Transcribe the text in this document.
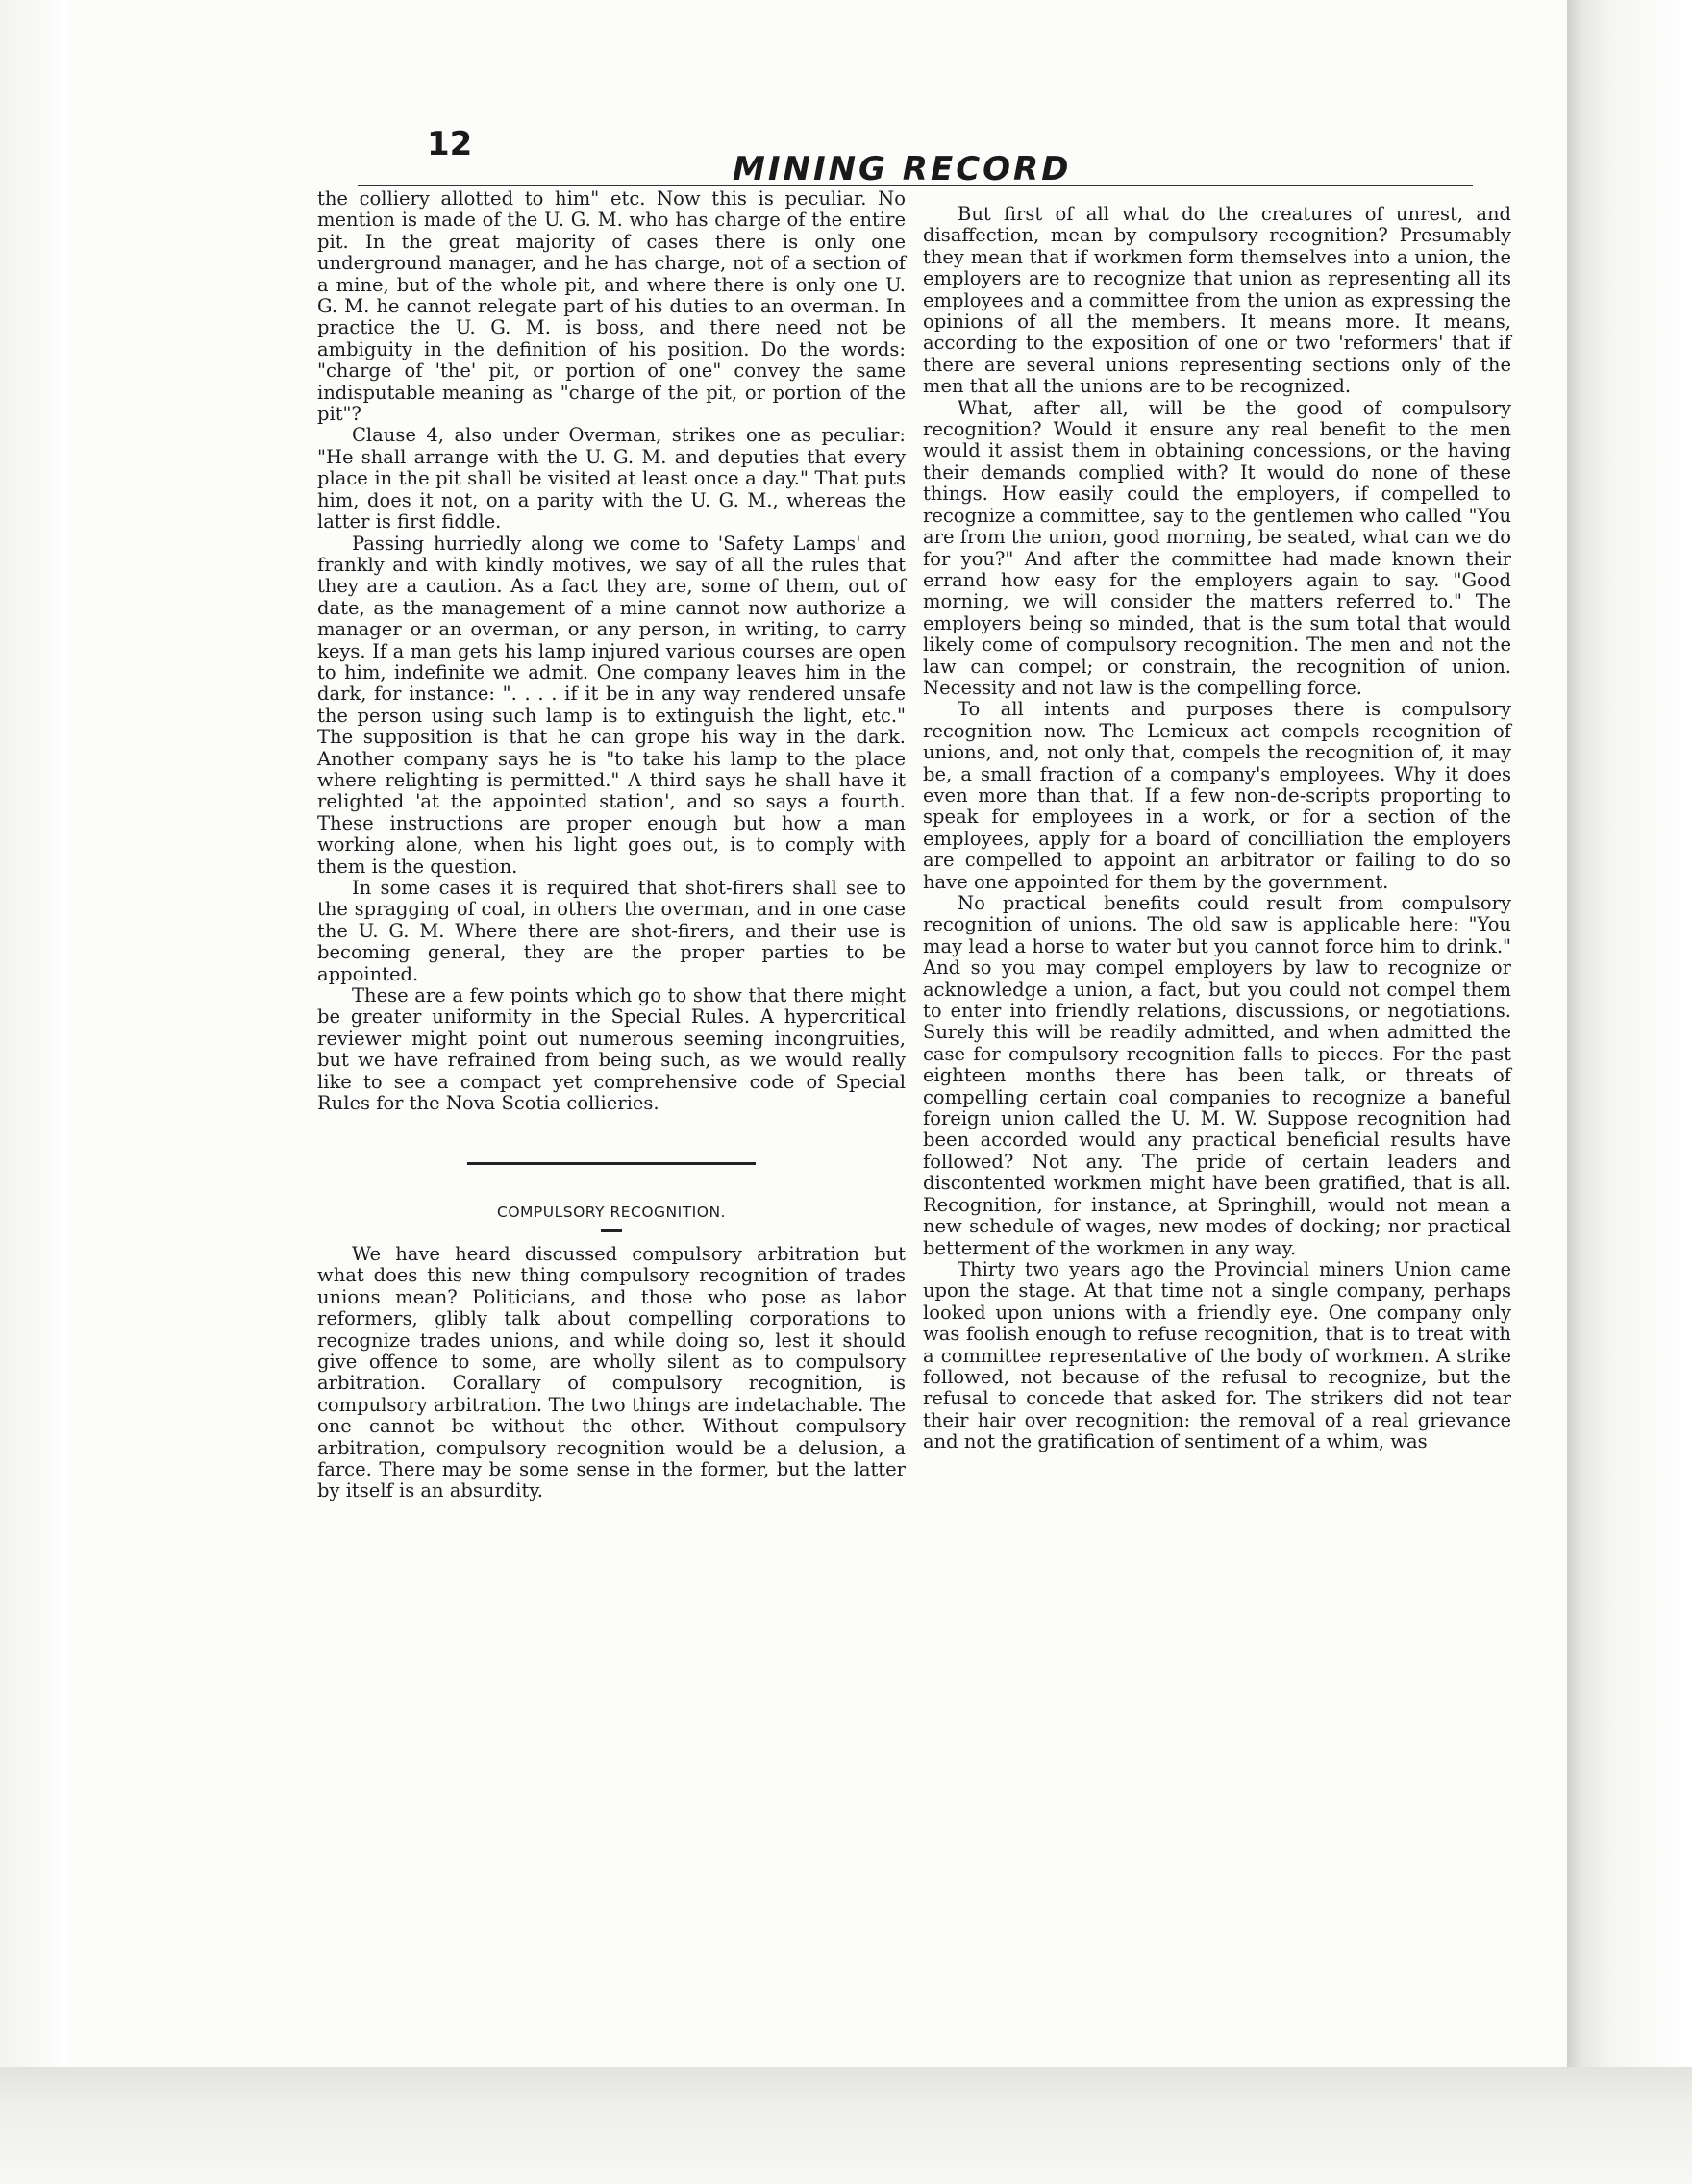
12
MINING RECORD

the colliery allotted to him" etc. Now this is peculiar. No mention is made of the U. G. M. who has charge of the entire pit. In the great majority of cases there is only one underground manager, and he has charge, not of a section of a mine, but of the whole pit, and where there is only one U. G. M. he cannot relegate part of his duties to an overman. In practice the U. G. M. is boss, and there need not be ambiguity in the definition of his position. Do the words: "charge of 'the' pit, or portion of one" convey the same indisputable meaning as "charge of the pit, or portion of the pit"?

Clause 4, also under Overman, strikes one as peculiar: "He shall arrange with the U. G. M. and deputies that every place in the pit shall be visited at least once a day." That puts him, does it not, on a parity with the U. G. M., whereas the latter is first fiddle.

Passing hurriedly along we come to 'Safety Lamps' and frankly and with kindly motives, we say of all the rules that they are a caution. As a fact they are, some of them, out of date, as the management of a mine cannot now authorize a manager or an overman, or any person, in writing, to carry keys. If a man gets his lamp injured various courses are open to him, indefinite we admit. One company leaves him in the dark, for instance: ". . . . if it be in any way rendered unsafe the person using such lamp is to extinguish the light, etc." The supposition is that he can grope his way in the dark. Another company says he is "to take his lamp to the place where relighting is permitted." A third says he shall have it relighted 'at the appointed station', and so says a fourth. These instructions are proper enough but how a man working alone, when his light goes out, is to comply with them is the question.

In some cases it is required that shot-firers shall see to the spragging of coal, in others the overman, and in one case the U. G. M. Where there are shot-firers, and their use is becoming general, they are the proper parties to be appointed.

These are a few points which go to show that there might be greater uniformity in the Special Rules. A hypercritical reviewer might point out numerous seeming incongruities, but we have refrained from being such, as we would really like to see a compact yet comprehensive code of Special Rules for the Nova Scotia collieries.

COMPULSORY RECOGNITION.

We have heard discussed compulsory arbitration but what does this new thing compulsory recognition of trades unions mean? Politicians, and those who pose as labor reformers, glibly talk about compelling corporations to recognize trades unions, and while doing so, lest it should give offence to some, are wholly silent as to compulsory arbitration. Corallary of compulsory recognition, is compulsory arbitration. The two things are indetachable. The one cannot be without the other. Without compulsory arbitration, compulsory recognition would be a delusion, a farce. There may be some sense in the former, but the latter by itself is an absurdity.

But first of all what do the creatures of unrest, and disaffection, mean by compulsory recognition? Presumably they mean that if workmen form themselves into a union, the employers are to recognize that union as representing all its employees and a committee from the union as expressing the opinions of all the members. It means more. It means, according to the exposition of one or two 'reformers' that if there are several unions representing sections only of the men that all the unions are to be recognized.

What, after all, will be the good of compulsory recognition? Would it ensure any real benefit to the men would it assist them in obtaining concessions, or the having their demands complied with? It would do none of these things. How easily could the employers, if compelled to recognize a committee, say to the gentlemen who called "You are from the union, good morning, be seated, what can we do for you?" And after the committee had made known their errand how easy for the employers again to say. "Good morning, we will consider the matters referred to." The employers being so minded, that is the sum total that would likely come of compulsory recognition. The men and not the law can compel; or constrain, the recognition of union. Necessity and not law is the compelling force.

To all intents and purposes there is compulsory recognition now. The Lemieux act compels recognition of unions, and, not only that, compels the recognition of, it may be, a small fraction of a company's employees. Why it does even more than that. If a few non-de-scripts proporting to speak for employees in a work, or for a section of the employees, apply for a board of concilliation the employers are compelled to appoint an arbitrator or failing to do so have one appointed for them by the government.

No practical benefits could result from compulsory recognition of unions. The old saw is applicable here: "You may lead a horse to water but you cannot force him to drink." And so you may compel employers by law to recognize or acknowledge a union, a fact, but you could not compel them to enter into friendly relations, discussions, or negotiations. Surely this will be readily admitted, and when admitted the case for compulsory recognition falls to pieces. For the past eighteen months there has been talk, or threats of compelling certain coal companies to recognize a baneful foreign union called the U. M. W. Suppose recognition had been accorded would any practical beneficial results have followed? Not any. The pride of certain leaders and discontented workmen might have been gratified, that is all. Recognition, for instance, at Springhill, would not mean a new schedule of wages, new modes of docking; nor practical betterment of the workmen in any way.

Thirty two years ago the Provincial miners Union came upon the stage. At that time not a single company, perhaps looked upon unions with a friendly eye. One company only was foolish enough to refuse recognition, that is to treat with a committee representative of the body of workmen. A strike followed, not because of the refusal to recognize, but the refusal to concede that asked for. The strikers did not tear their hair over recognition: the removal of a real grievance and not the gratification of sentiment of a whim, was
